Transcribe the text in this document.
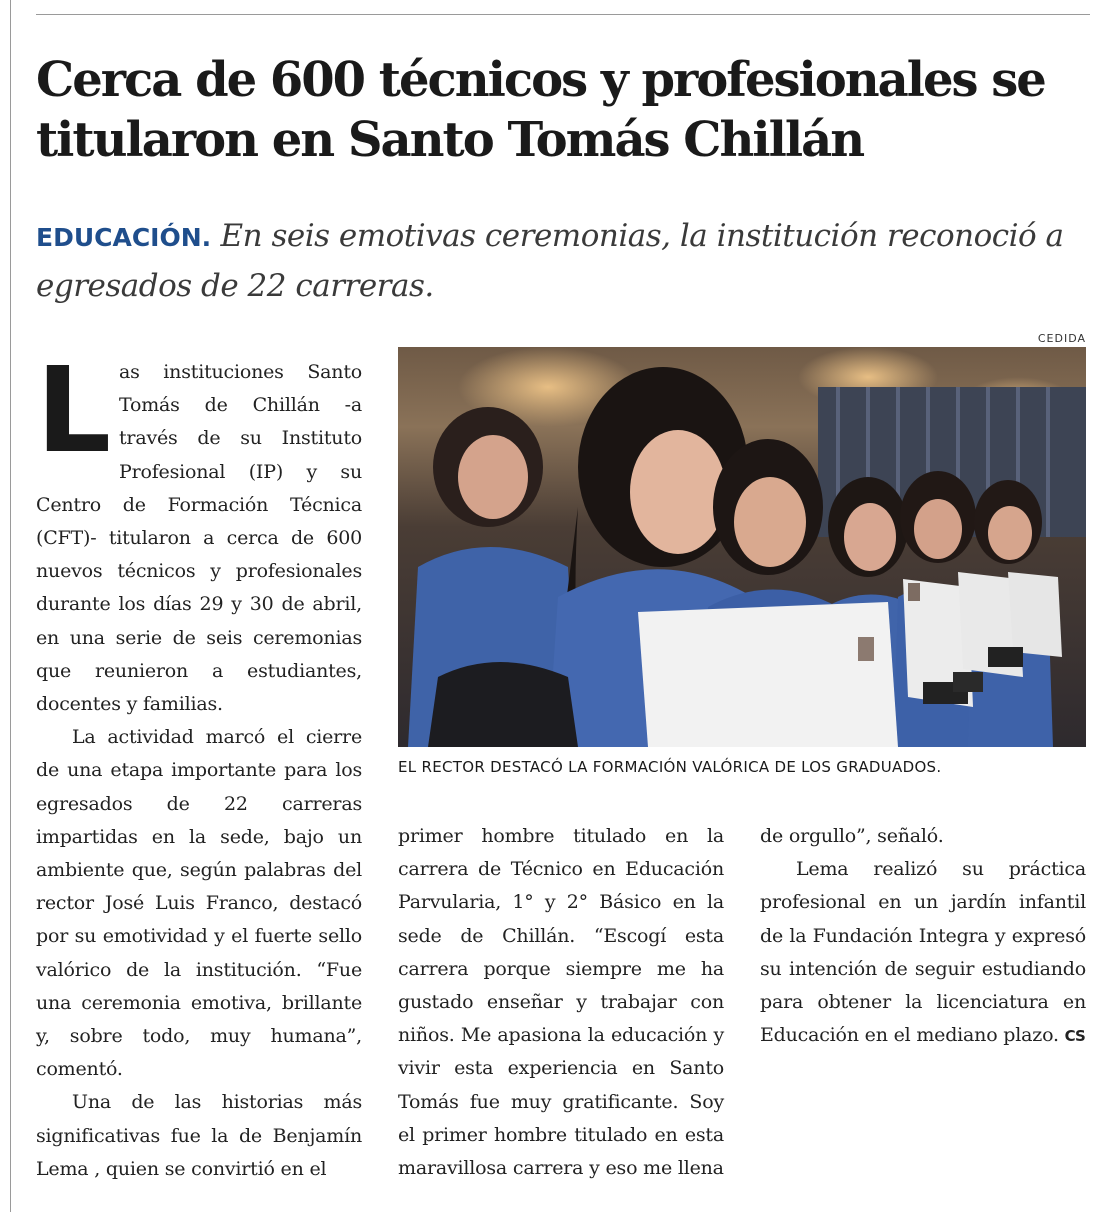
Cerca de 600 técnicos y profesionales se titularon en Santo Tomás Chillán

EDUCACIÓN. En seis emotivas ceremonias, la institución reconoció a egresados de 22 carreras.

CEDIDA
EL RECTOR DESTACÓ LA FORMACIÓN VALÓRICA DE LOS GRADUADOS.

Las instituciones Santo Tomás de Chillán -a través de su Instituto Profesional (IP) y su Centro de Formación Técnica (CFT)- titularon a cerca de 600 nuevos técnicos y profesionales durante los días 29 y 30 de abril, en una serie de seis ceremonias que reunieron a estudiantes, docentes y familias.

La actividad marcó el cierre de una etapa importante para los egresados de 22 carreras impartidas en la sede, bajo un ambiente que, según palabras del rector José Luis Franco, destacó por su emotividad y el fuerte sello valórico de la institución. “Fue una ceremonia emotiva, brillante y, sobre todo, muy humana”, comentó.

Una de las historias más significativas fue la de Benjamín Lema , quien se convirtió en el

primer hombre titulado en la carrera de Técnico en Educación Parvularia, 1° y 2° Básico en la sede de Chillán. “Escogí esta carrera porque siempre me ha gustado enseñar y trabajar con niños. Me apasiona la educación y vivir esta experiencia en Santo Tomás fue muy gratificante. Soy el primer hombre titulado en esta maravillosa carrera y eso me llena

de orgullo”, señaló.

Lema realizó su práctica profesional en un jardín infantil de la Fundación Integra y expresó su intención de seguir estudiando para obtener la licenciatura en Educación en el mediano plazo. CS
